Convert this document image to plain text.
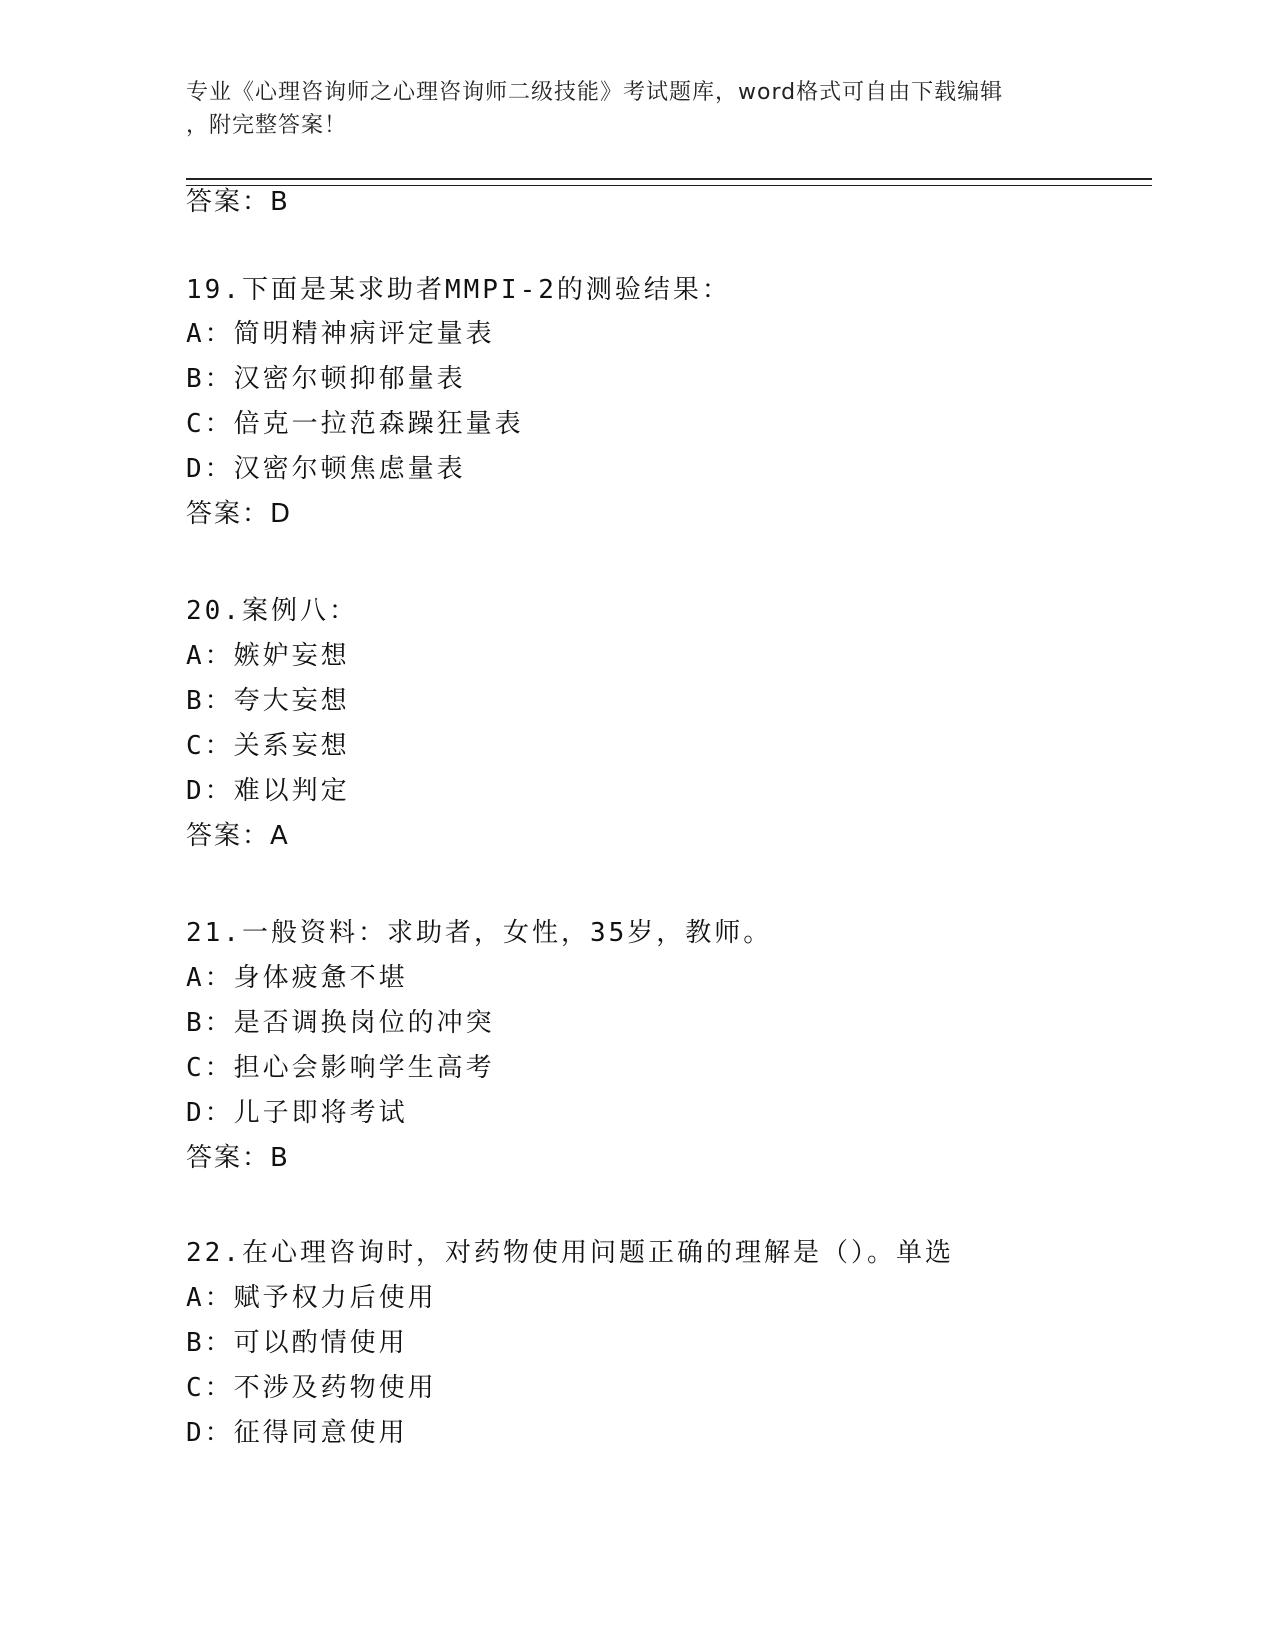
专业《心理咨询师之心理咨询师二级技能》考试题库，word格式可自由下载编辑
，附完整答案！
答案：B
19.下面是某求助者MMPI-2的测验结果：
A：简明精神病评定量表
B：汉密尔顿抑郁量表
C：倍克一拉范森躁狂量表
D：汉密尔顿焦虑量表
答案：D
20.案例八：
A：嫉妒妄想
B：夸大妄想
C：关系妄想
D：难以判定
答案：A
21.一般资料：求助者，女性，35岁，教师。
A：身体疲惫不堪
B：是否调换岗位的冲突
C：担心会影响学生高考
D：儿子即将考试
答案：B
22.在心理咨询时，对药物使用问题正确的理解是（）。单选
A：赋予权力后使用
B：可以酌情使用
C：不涉及药物使用
D：征得同意使用
